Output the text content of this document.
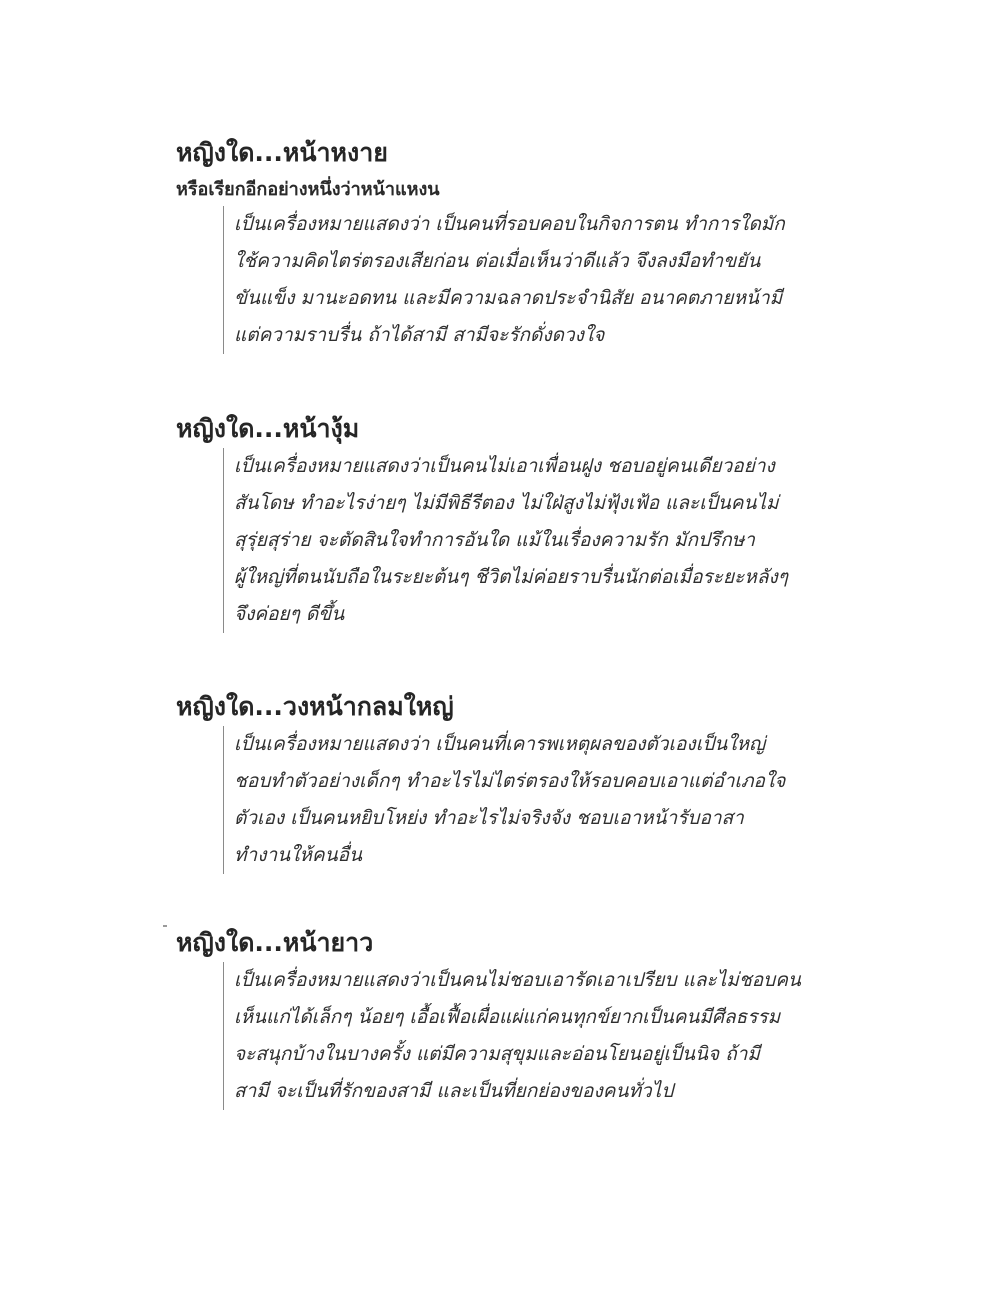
หญิงใด...หน้าหงาย
หรือเรียกอีกอย่างหนึ่งว่าหน้าแหงน

เป็นเครื่องหมายแสดงว่า เป็นคนที่รอบคอบในกิจการตน ทำการใดมัก

ใช้ความคิดไตร่ตรองเสียก่อน ต่อเมื่อเห็นว่าดีแล้ว จึงลงมือทำขยัน

ขันแข็ง มานะอดทน และมีความฉลาดประจำนิสัย อนาคตภายหน้ามี

แต่ความราบรื่น ถ้าได้สามี สามีจะรักดั่งดวงใจ

หญิงใด...หน้างุ้ม

เป็นเครื่องหมายแสดงว่าเป็นคนไม่เอาเพื่อนฝูง ชอบอยู่คนเดียวอย่าง

สันโดษ ทำอะไรง่ายๆ ไม่มีพิธีรีตอง ไม่ใฝ่สูงไม่ฟุ้งเฟ้อ และเป็นคนไม่

สุรุ่ยสุร่าย จะตัดสินใจทำการอันใด แม้ในเรื่องความรัก มักปรึกษา

ผู้ใหญ่ที่ตนนับถือในระยะต้นๆ ชีวิตไม่ค่อยราบรื่นนักต่อเมื่อระยะหลังๆ

จึงค่อยๆ ดีขึ้น

หญิงใด...วงหน้ากลมใหญ่

เป็นเครื่องหมายแสดงว่า เป็นคนที่เคารพเหตุผลของตัวเองเป็นใหญ่

ชอบทำตัวอย่างเด็กๆ ทำอะไรไม่ไตร่ตรองให้รอบคอบเอาแต่อำเภอใจ

ตัวเอง เป็นคนหยิบโหย่ง ทำอะไรไม่จริงจัง ชอบเอาหน้ารับอาสา

ทำงานให้คนอื่น

หญิงใด...หน้ายาว

เป็นเครื่องหมายแสดงว่าเป็นคนไม่ชอบเอารัดเอาเปรียบ และไม่ชอบคน

เห็นแก่ได้เล็กๆ น้อยๆ เอื้อเฟื้อเผื่อแผ่แก่คนทุกข์ยากเป็นคนมีศีลธรรม

จะสนุกบ้างในบางครั้ง แต่มีความสุขุมและอ่อนโยนอยู่เป็นนิจ ถ้ามี

สามี จะเป็นที่รักของสามี และเป็นที่ยกย่องของคนทั่วไป
